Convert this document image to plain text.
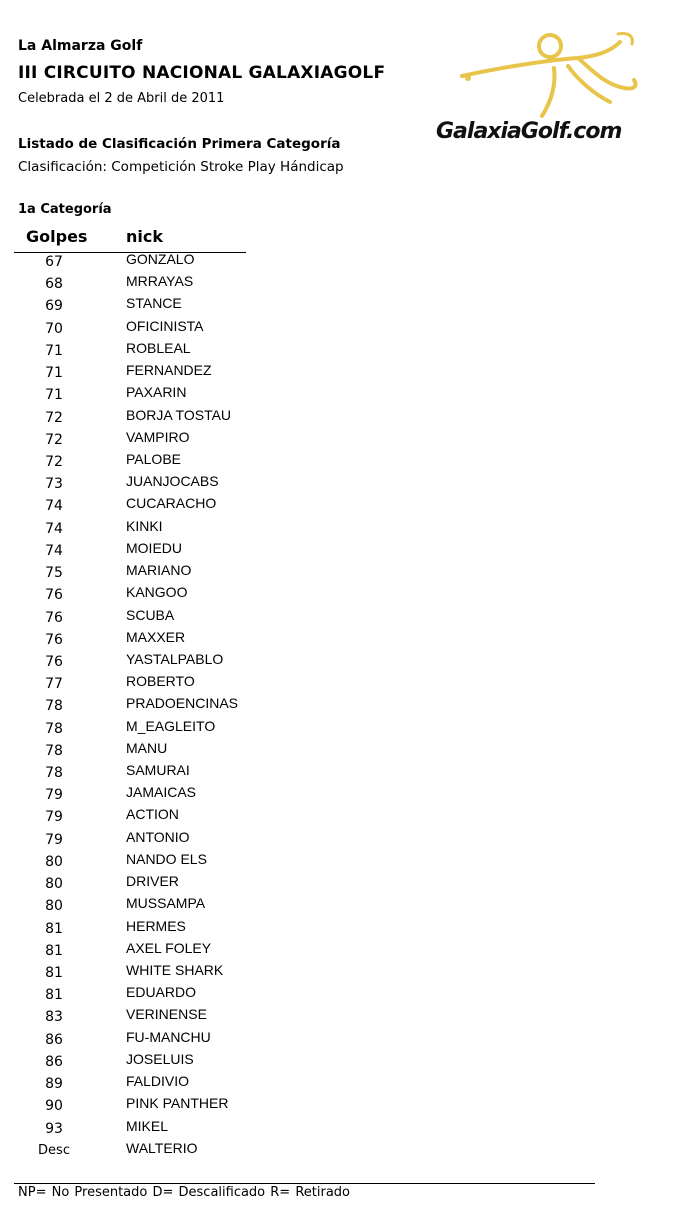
La Almarza Golf
III CIRCUITO NACIONAL GALAXIAGOLF
Celebrada el 2 de Abril de 2011
Listado de Clasificación Primera Categoría
Clasificación: Competición Stroke Play Hándicap
1a Categoría
GalaxiaGolf.com
Golpes nick
67	GONZALO
68	MRRAYAS
69	STANCE
70	OFICINISTA
71	ROBLEAL
71	FERNANDEZ
71	PAXARIN
72	BORJA TOSTAU
72	VAMPIRO
72	PALOBE
73	JUANJOCABS
74	CUCARACHO
74	KINKI
74	MOIEDU
75	MARIANO
76	KANGOO
76	SCUBA
76	MAXXER
76	YASTALPABLO
77	ROBERTO
78	PRADOENCINAS
78	M_EAGLEITO
78	MANU
78	SAMURAI
79	JAMAICAS
79	ACTION
79	ANTONIO
80	NANDO ELS
80	DRIVER
80	MUSSAMPA
81	HERMES
81	AXEL FOLEY
81	WHITE SHARK
81	EDUARDO
83	VERINENSE
86	FU-MANCHU
86	JOSELUIS
89	FALDIVIO
90	PINK PANTHER
93	MIKEL
Desc	WALTERIO
NP= No Presentado D= Descalificado R= Retirado
